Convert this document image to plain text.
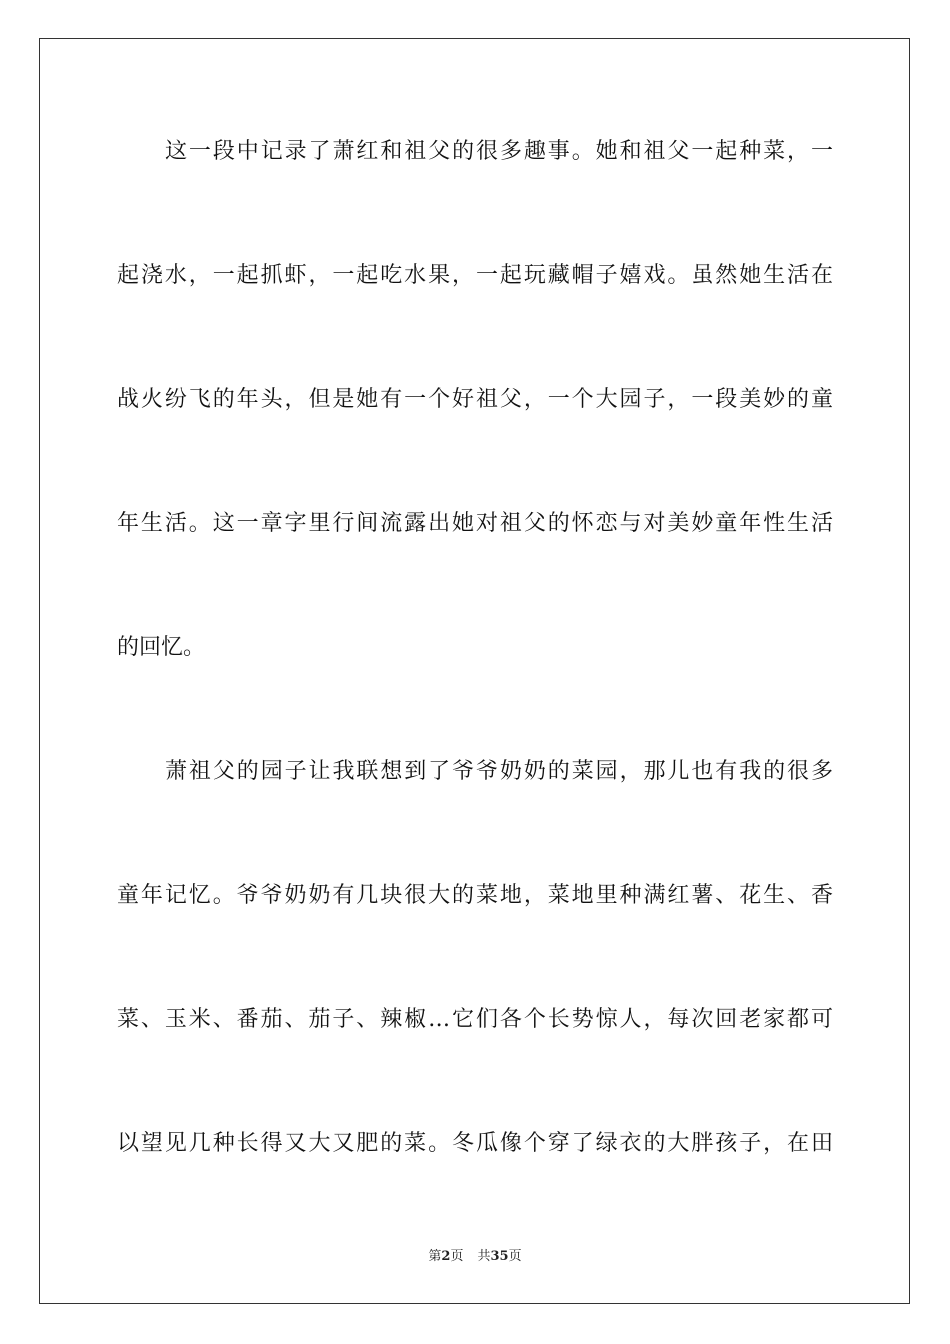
这一段中记录了萧红和祖父的很多趣事。她和祖父一起种菜，一
起浇水，一起抓虾，一起吃水果，一起玩藏帽子嬉戏。虽然她生活在
战火纷飞的年头，但是她有一个好祖父，一个大园子，一段美妙的童
年生活。这一章字里行间流露出她对祖父的怀恋与对美妙童年性生活
的回忆。
萧祖父的园子让我联想到了爷爷奶奶的菜园，那儿也有我的很多
童年记忆。爷爷奶奶有几块很大的菜地，菜地里种满红薯、花生、香
菜、玉米、番茄、茄子、辣椒…它们各个长势惊人，每次回老家都可
以望见几种长得又大又肥的菜。冬瓜像个穿了绿衣的大胖孩子，在田
第2页 共35页
